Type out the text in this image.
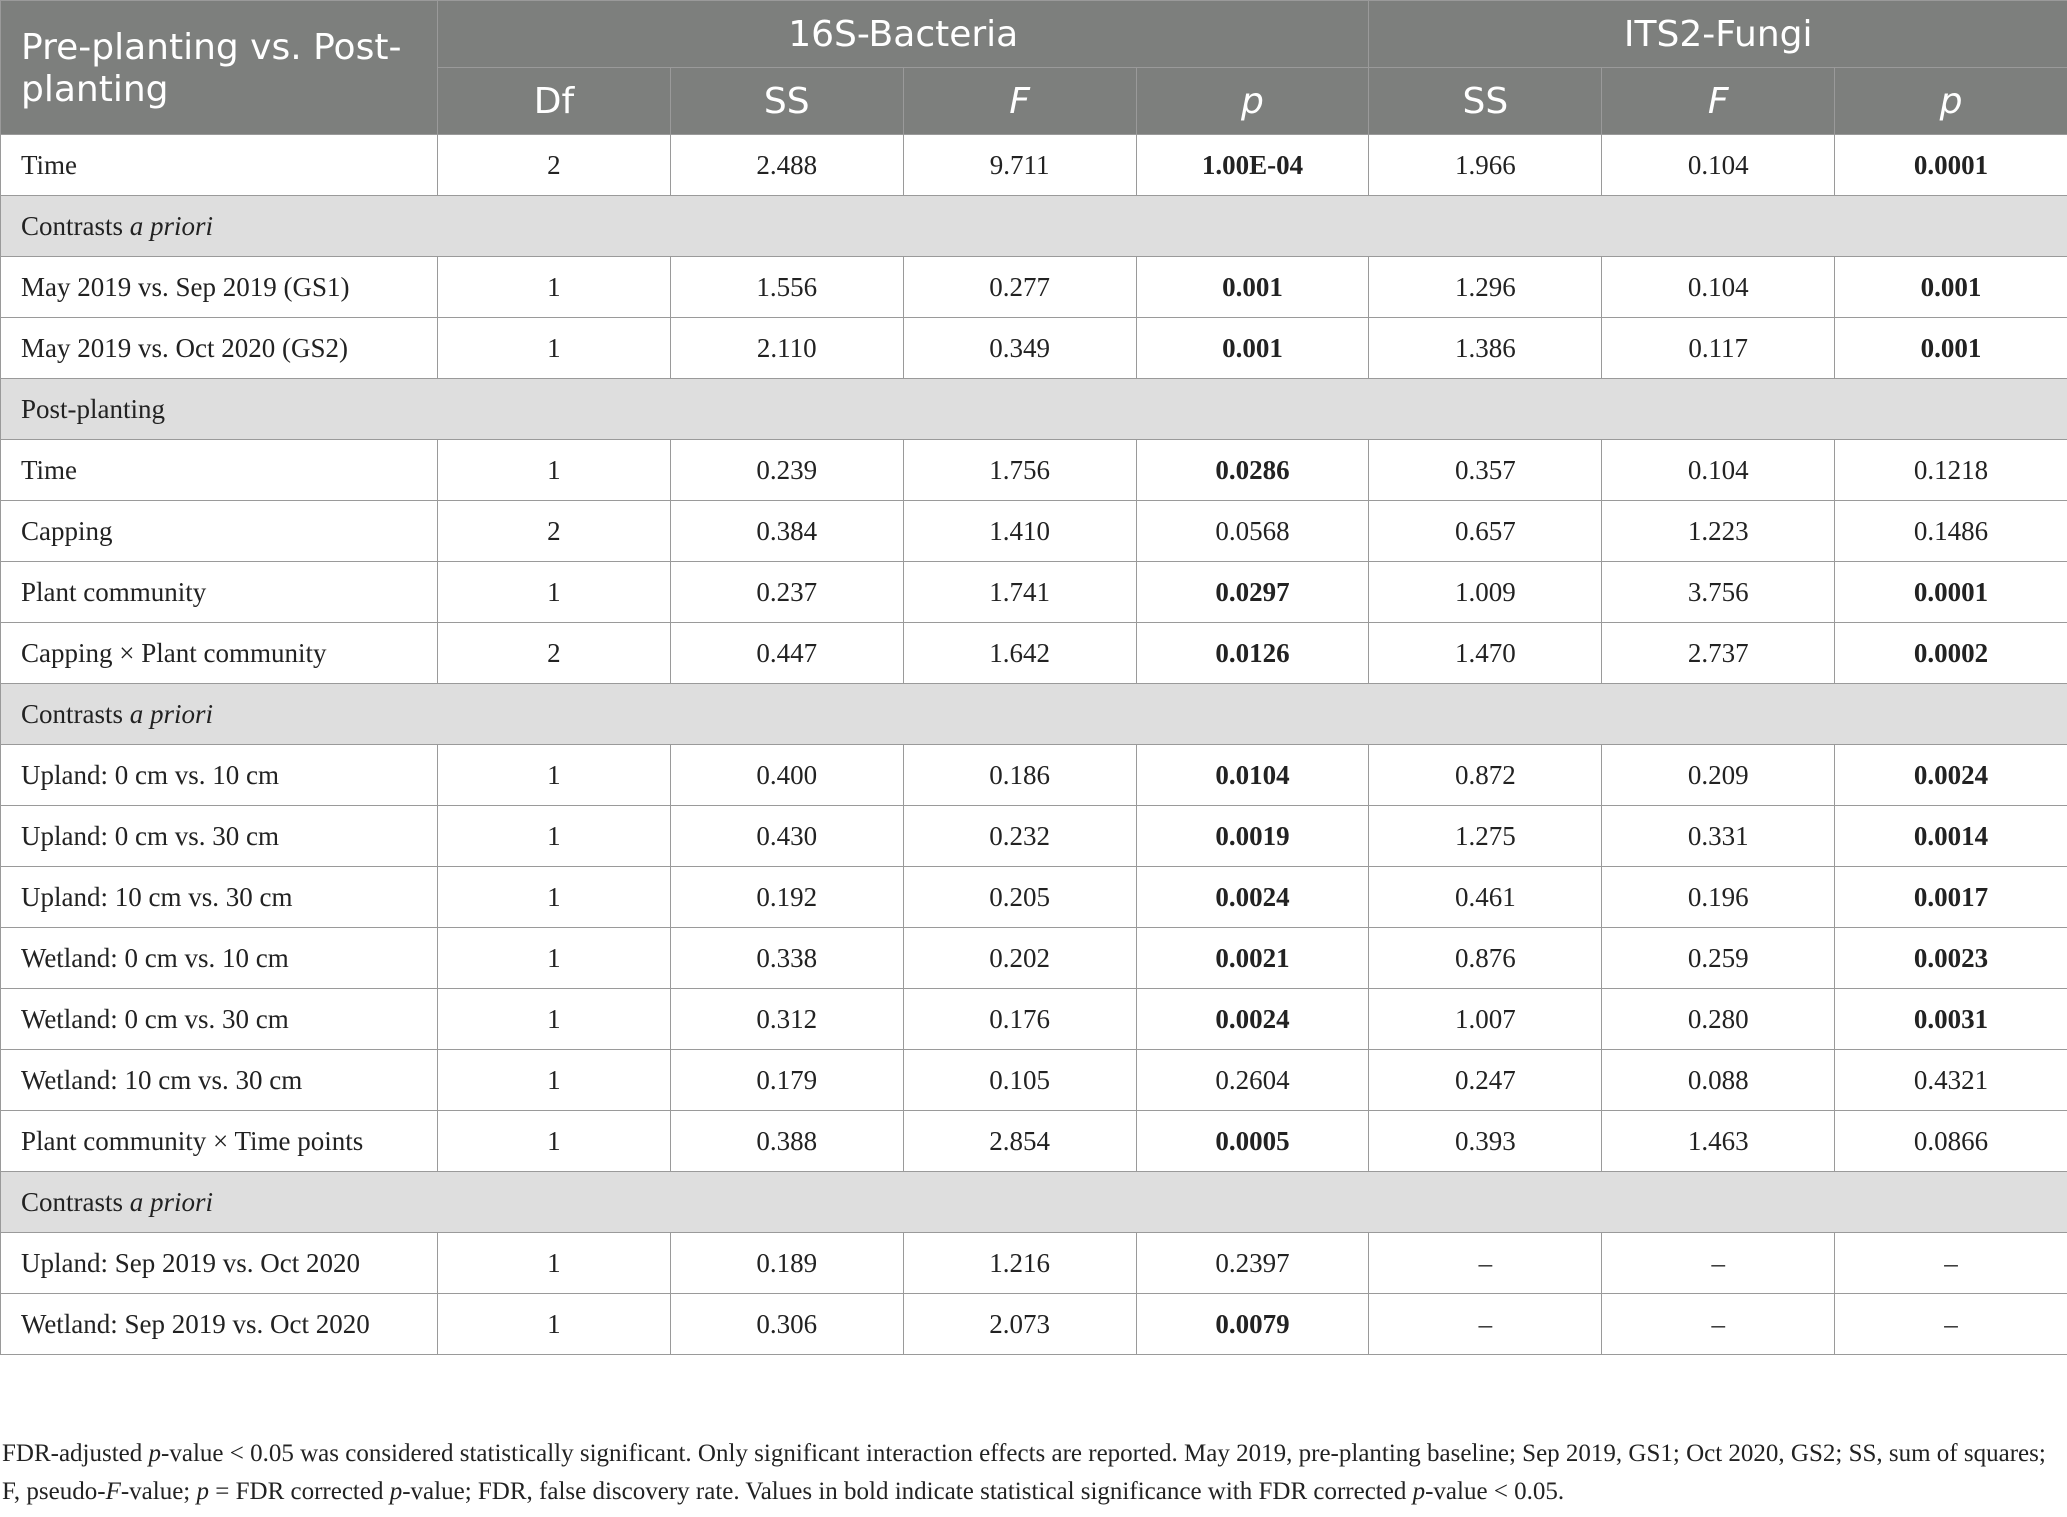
Pre-planting vs. Post-
planting	16S-Bacteria				ITS2-Fungi		
	Df	SS	F	p	SS	F	p
Time	2	2.488	9.711	1.00E-04	1.966	0.104	0.0001
Contrasts a priori							
May 2019 vs. Sep 2019 (GS1)	1	1.556	0.277	0.001	1.296	0.104	0.001
May 2019 vs. Oct 2020 (GS2)	1	2.110	0.349	0.001	1.386	0.117	0.001
Post-planting							
Time	1	0.239	1.756	0.0286	0.357	0.104	0.1218
Capping	2	0.384	1.410	0.0568	0.657	1.223	0.1486
Plant community	1	0.237	1.741	0.0297	1.009	3.756	0.0001
Capping × Plant community	2	0.447	1.642	0.0126	1.470	2.737	0.0002
Contrasts a priori							
Upland: 0 cm vs. 10 cm	1	0.400	0.186	0.0104	0.872	0.209	0.0024
Upland: 0 cm vs. 30 cm	1	0.430	0.232	0.0019	1.275	0.331	0.0014
Upland: 10 cm vs. 30 cm	1	0.192	0.205	0.0024	0.461	0.196	0.0017
Wetland: 0 cm vs. 10 cm	1	0.338	0.202	0.0021	0.876	0.259	0.0023
Wetland: 0 cm vs. 30 cm	1	0.312	0.176	0.0024	1.007	0.280	0.0031
Wetland: 10 cm vs. 30 cm	1	0.179	0.105	0.2604	0.247	0.088	0.4321
Plant community × Time points	1	0.388	2.854	0.0005	0.393	1.463	0.0866
Contrasts a priori							
Upland: Sep 2019 vs. Oct 2020	1	0.189	1.216	0.2397	–	–	–
Wetland: Sep 2019 vs. Oct 2020	1	0.306	2.073	0.0079	–	–	–
FDR-adjusted p-value < 0.05 was considered statistically significant. Only significant interaction effects are reported. May 2019, pre-planting baseline; Sep 2019, GS1; Oct 2020, GS2; SS, sum of squares; F, pseudo-F-value; p = FDR corrected p-value; FDR, false discovery rate. Values in bold indicate statistical significance with FDR corrected p-value < 0.05.
